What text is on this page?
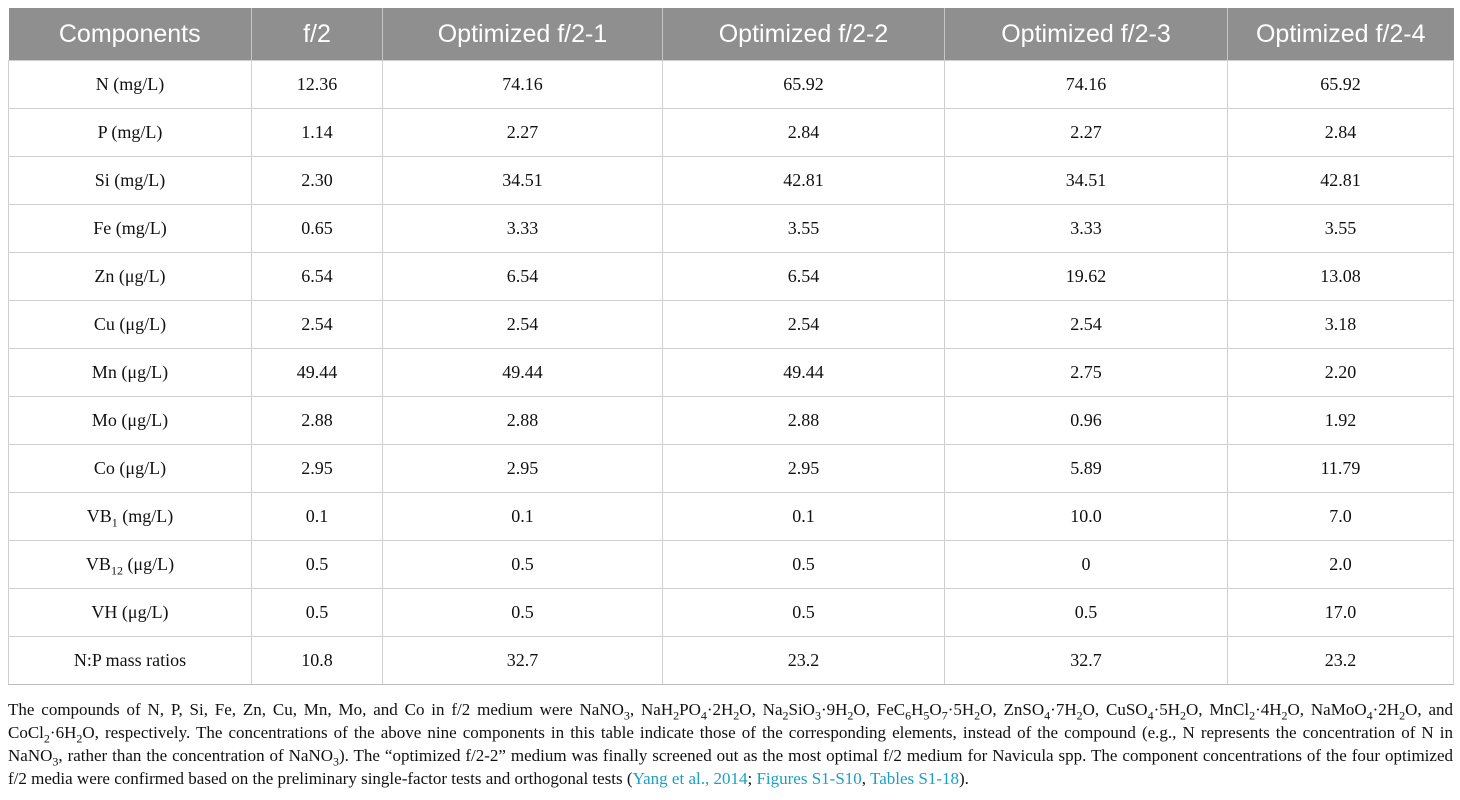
Components	f/2	Optimized f/2-1	Optimized f/2-2	Optimized f/2-3	Optimized f/2-4
N (mg/L)	12.36	74.16	65.92	74.16	65.92
P (mg/L)	1.14	2.27	2.84	2.27	2.84
Si (mg/L)	2.30	34.51	42.81	34.51	42.81
Fe (mg/L)	0.65	3.33	3.55	3.33	3.55
Zn (μg/L)	6.54	6.54	6.54	19.62	13.08
Cu (μg/L)	2.54	2.54	2.54	2.54	3.18
Mn (μg/L)	49.44	49.44	49.44	2.75	2.20
Mo (μg/L)	2.88	2.88	2.88	0.96	1.92
Co (μg/L)	2.95	2.95	2.95	5.89	11.79
$VB_1$ (mg/L)	0.1	0.1	0.1	10.0	7.0
$VB_{12}$ (μg/L)	0.5	0.5	0.5	0	2.0
VH (μg/L)	0.5	0.5	0.5	0.5	17.0
N:P mass ratios	10.8	32.7	23.2	32.7	23.2

The compounds of N, P, Si, Fe, Zn, Cu, Mn, Mo, and Co in f/2 medium were NaNO$_3$, $NaH_2PO_4\cdot 2H_2O$, $Na_2SiO_3\cdot 9H_2O$, $FeC_6H_5O_7\cdot 5H_2O$, $ZnSO_4\cdot 7H_2O$, $CuSO_4\cdot 5H_2O$, $MnCl_2\cdot 4H_2O$, $NaMoO_4\cdot 2H_2O$, and $CoCl_2\cdot 6H_2O$, respectively. The concentrations of the above nine components in this table indicate those of the corresponding elements, instead of the compound (e.g., N represents the concentration of N in NaNO$_3$, rather than the concentration of NaNO$_3$). The “optimized f/2-2” medium was finally screened out as the most optimal f/2 medium for Navicula spp. The component concentrations of the four optimized f/2 media were confirmed based on the preliminary single-factor tests and orthogonal tests (Yang et al., 2014; Figures S1-S10, Tables S1-18).
